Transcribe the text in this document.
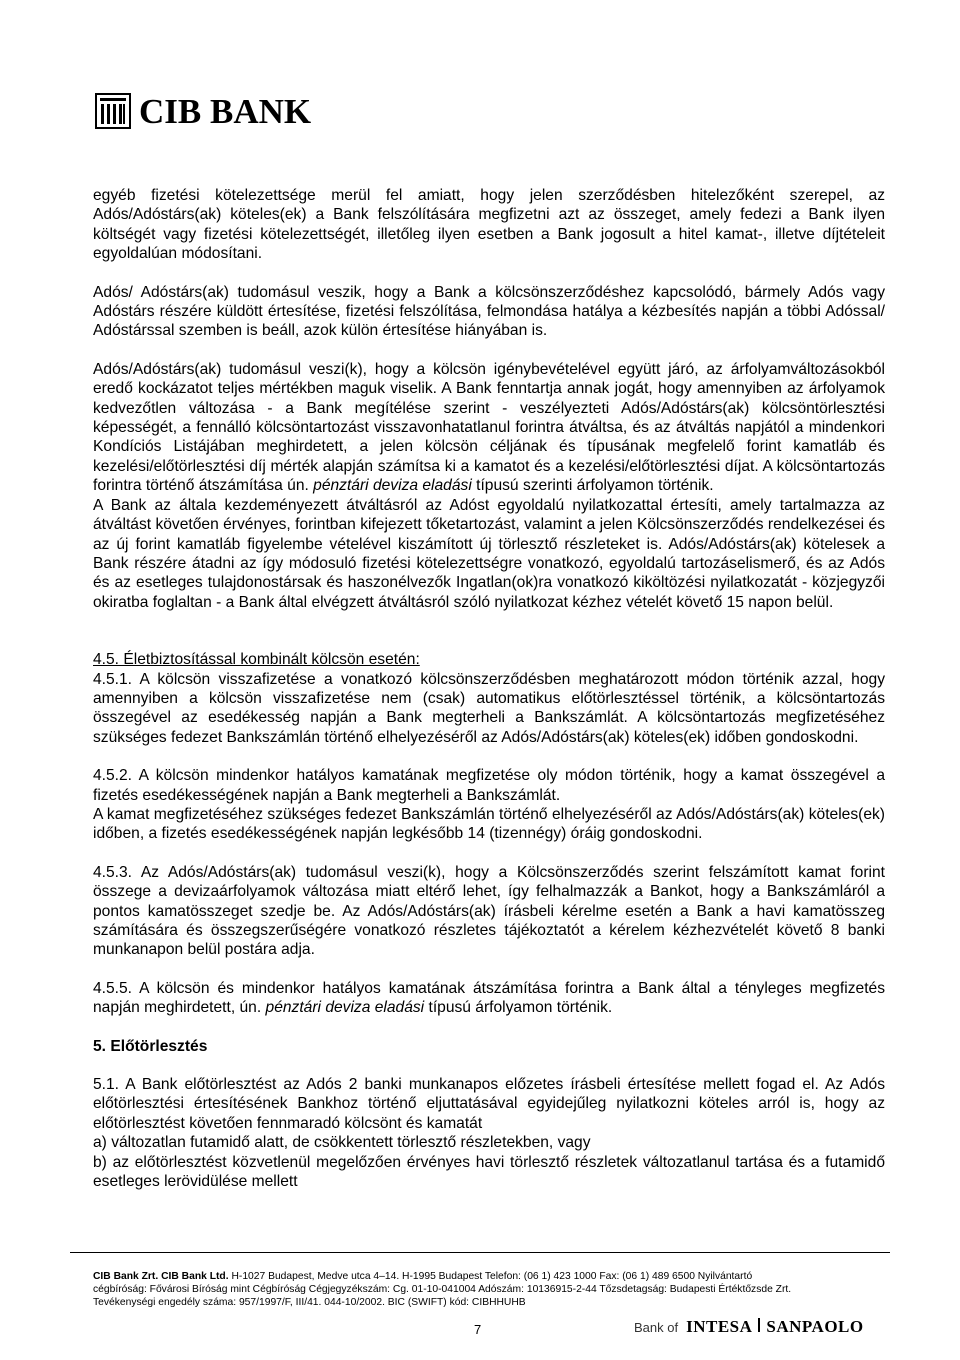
CIB BANK

egyéb fizetési kötelezettsége merül fel amiatt, hogy jelen szerződésben hitelezőként szerepel, az Adós/Adóstárs(ak) köteles(ek) a Bank felszólítására megfizetni azt az összeget, amely fedezi a Bank ilyen költségét vagy fizetési kötelezettségét, illetőleg ilyen esetben a Bank jogosult a hitel kamat-, illetve díjtételeit egyoldalúan módosítani.

Adós/ Adóstárs(ak) tudomásul veszik, hogy a Bank a kölcsönszerződéshez kapcsolódó, bármely Adós vagy Adóstárs részére küldött értesítése, fizetési felszólítása, felmondása hatálya a kézbesítés napján a többi Adóssal/ Adóstárssal szemben is beáll, azok külön értesítése hiányában is.

Adós/Adóstárs(ak) tudomásul veszi(k), hogy a kölcsön igénybevételével együtt járó, az árfolyamváltozásokból eredő kockázatot teljes mértékben maguk viselik. A Bank fenntartja annak jogát, hogy amennyiben az árfolyamok kedvezőtlen változása - a Bank megítélése szerint - veszélyezteti Adós/Adóstárs(ak) kölcsöntörlesztési képességét, a fennálló kölcsöntartozást visszavonhatatlanul forintra átváltsa, és az átváltás napjától a mindenkori Kondíciós Listájában meghirdetett, a jelen kölcsön céljának és típusának megfelelő forint kamatláb és kezelési/előtörlesztési díj mérték alapján számítsa ki a kamatot és a kezelési/előtörlesztési díjat. A kölcsöntartozás forintra történő átszámítása ún. pénztári deviza eladási típusú szerinti árfolyamon történik.

A Bank az általa kezdeményezett átváltásról az Adóst egyoldalú nyilatkozattal értesíti, amely tartalmazza az átváltást követően érvényes, forintban kifejezett tőketartozást, valamint a jelen Kölcsönszerződés rendelkezései és az új forint kamatláb figyelembe vételével kiszámított új törlesztő részleteket is. Adós/Adóstárs(ak) kötelesek a Bank részére átadni az így módosuló fizetési kötelezettségre vonatkozó, egyoldalú tartozáselismerő, és az Adós és az esetleges tulajdonostársak és haszonélvezők Ingatlan(ok)ra vonatkozó kiköltözési nyilatkozatát - közjegyzői okiratba foglaltan - a Bank által elvégzett átváltásról szóló nyilatkozat kézhez vételét követő 15 napon belül.

4.5. Életbiztosítással kombinált kölcsön esetén:

4.5.1. A kölcsön visszafizetése a vonatkozó kölcsönszerződésben meghatározott módon történik azzal, hogy amennyiben a kölcsön visszafizetése nem (csak) automatikus előtörlesztéssel történik, a kölcsöntartozás összegével az esedékesség napján a Bank megterheli a Bankszámlát. A kölcsöntartozás megfizetéséhez szükséges fedezet Bankszámlán történő elhelyezéséről az Adós/Adóstárs(ak) köteles(ek) időben gondoskodni.

4.5.2. A kölcsön mindenkor hatályos kamatának megfizetése oly módon történik, hogy a kamat összegével a fizetés esedékességének napján a Bank megterheli a Bankszámlát.

A kamat megfizetéséhez szükséges fedezet Bankszámlán történő elhelyezéséről az Adós/Adóstárs(ak) köteles(ek) időben, a fizetés esedékességének napján legkésőbb 14 (tizennégy) óráig gondoskodni.

4.5.3. Az Adós/Adóstárs(ak) tudomásul veszi(k), hogy a Kölcsönszerződés szerint felszámított kamat forint összege a devizaárfolyamok változása miatt eltérő lehet, így felhalmazzák a Bankot, hogy a Bankszámláról a pontos kamatösszeget szedje be. Az Adós/Adóstárs(ak) írásbeli kérelme esetén a Bank a havi kamatösszeg számítására és összegszerűségére vonatkozó részletes tájékoztatót a kérelem kézhezvételét követő 8 banki munkanapon belül postára adja.

4.5.5. A kölcsön és mindenkor hatályos kamatának átszámítása forintra a Bank által a tényleges megfizetés napján meghirdetett, ún. pénztári deviza eladási típusú árfolyamon történik.

5. Előtörlesztés

5.1. A Bank előtörlesztést az Adós 2 banki munkanapos előzetes írásbeli értesítése mellett fogad el. Az Adós előtörlesztési értesítésének Bankhoz történő eljuttatásával egyidejűleg nyilatkozni köteles arról is, hogy az előtörlesztést követően fennmaradó kölcsönt és kamatát

a) változatlan futamidő alatt, de csökkentett törlesztő részletekben, vagy

b) az előtörlesztést közvetlenül megelőzően érvényes havi törlesztő részletek változatlanul tartása és a futamidő esetleges lerövidülése mellett

CIB Bank Zrt. CIB Bank Ltd. H-1027 Budapest, Medve utca 4–14. H-1995 Budapest Telefon: (06 1) 423 1000 Fax: (06 1) 489 6500 Nyilvántartó
cégbíróság: Fővárosi Bíróság mint Cégbíróság Cégjegyzékszám: Cg. 01-10-041004 Adószám: 10136915-2-44 Tőzsdetagság: Budapesti Értéktőzsde Zrt.
Tevékenységi engedély száma: 957/1997/F, III/41. 044-10/2002. BIC (SWIFT) kód: CIBHHUHB
7	Bank of INTESA SANPAOLO
